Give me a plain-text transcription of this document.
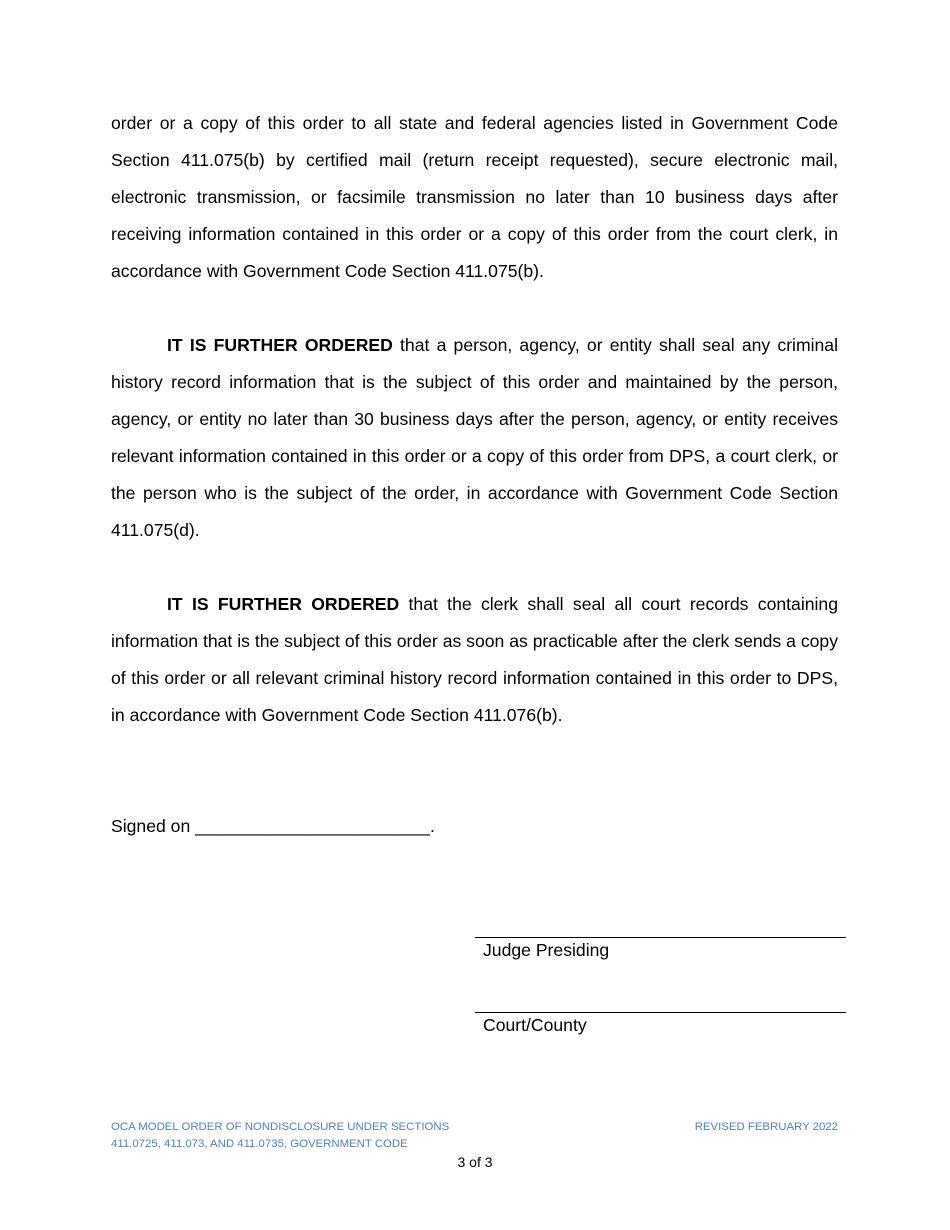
order or a copy of this order to all state and federal agencies listed in Government Code Section 411.075(b) by certified mail (return receipt requested), secure electronic mail, electronic transmission, or facsimile transmission no later than 10 business days after receiving information contained in this order or a copy of this order from the court clerk, in accordance with Government Code Section 411.075(b).

IT IS FURTHER ORDERED that a person, agency, or entity shall seal any criminal history record information that is the subject of this order and maintained by the person, agency, or entity no later than 30 business days after the person, agency, or entity receives relevant information contained in this order or a copy of this order from DPS, a court clerk, or the person who is the subject of the order, in accordance with Government Code Section 411.075(d).

IT IS FURTHER ORDERED that the clerk shall seal all court records containing information that is the subject of this order as soon as practicable after the clerk sends a copy of this order or all relevant criminal history record information contained in this order to DPS, in accordance with Government Code Section 411.076(b).

Signed on ________________________.
Judge Presiding
Court/County
OCA MODEL ORDER OF NONDISCLOSURE UNDER SECTIONS
411.0725, 411.073, AND 411.0735, GOVERNMENT CODE
REVISED FEBRUARY 2022
3 of 3
